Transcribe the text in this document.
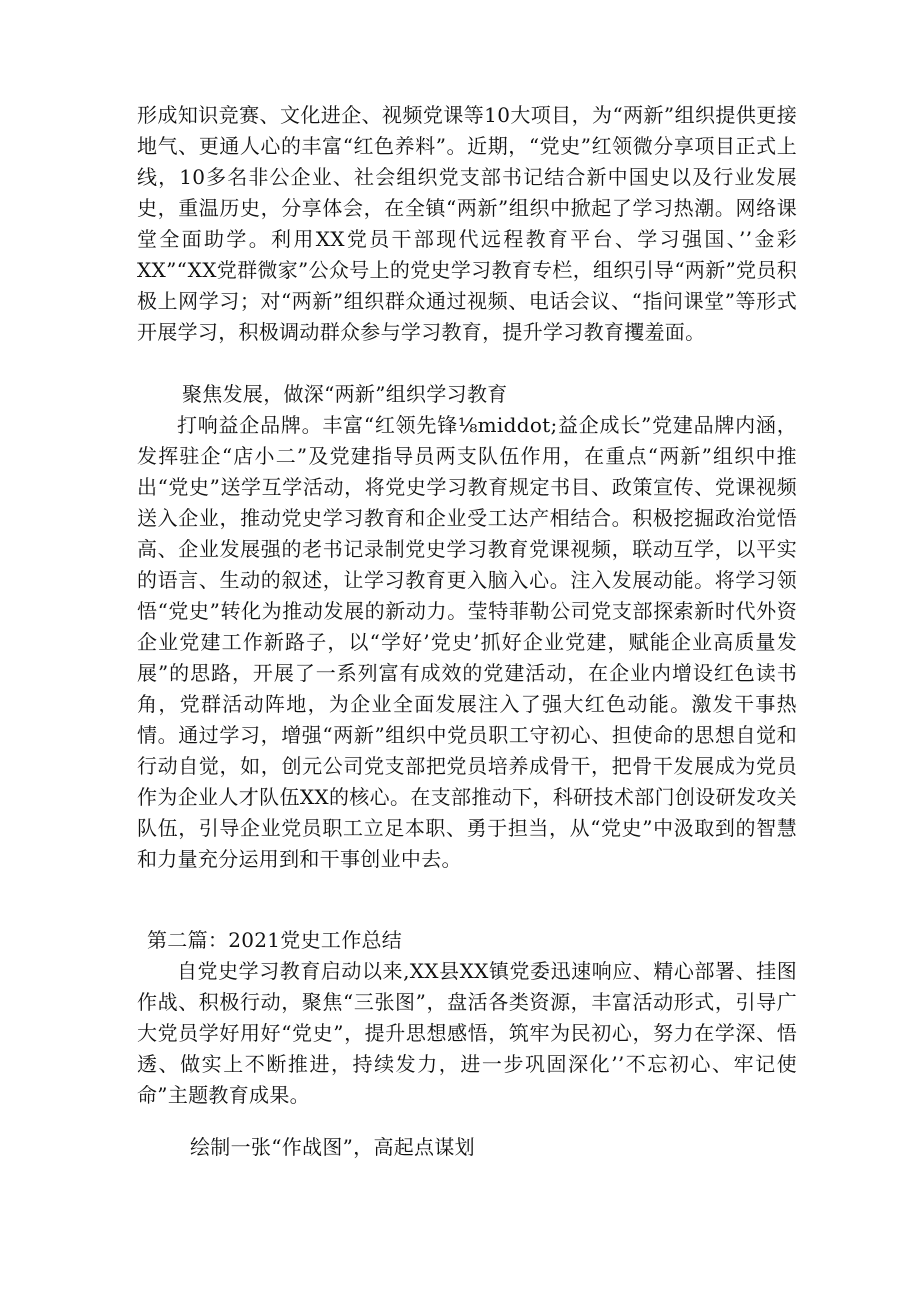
形成知识竞赛、文化进企、视频党课等10大项目，为“两新”组织提供更接地气、更通人心的丰富“红色养料”。近期，“党史”红领微分享项目正式上线，10多名非公企业、社会组织党支部书记结合新中国史以及行业发展史，重温历史，分享体会，在全镇“两新”组织中掀起了学习热潮。网络课堂全面助学。利用XX党员干部现代远程教育平台、学习强国、’’金彩XX”“XX党群微家”公众号上的党史学习教育专栏，组织引导“两新”党员积极上网学习；对“两新”组织群众通过视频、电话会议、“指问课堂”等形式开展学习，积极调动群众参与学习教育，提升学习教育攫羞面。

聚焦发展，做深“两新”组织学习教育

打响益企品牌。丰富“红领先锋⅛middot;益企成长”党建品牌内涵，发挥驻企“店小二”及党建指导员两支队伍作用，在重点“两新”组织中推出“党史”送学互学活动，将党史学习教育规定书目、政策宣传、党课视频送入企业，推动党史学习教育和企业受工达产相结合。积极挖掘政治觉悟高、企业发展强的老书记录制党史学习教育党课视频，联动互学，以平实的语言、生动的叙述，让学习教育更入脑入心。注入发展动能。将学习领悟“党史”转化为推动发展的新动力。莹特菲勒公司党支部探索新时代外资企业党建工作新路子，以“学好’党史’抓好企业党建，赋能企业高质量发展”的思路，开展了一系列富有成效的党建活动，在企业内增设红色读书角，党群活动阵地，为企业全面发展注入了强大红色动能。激发干事热情。通过学习，增强“两新”组织中党员职工守初心、担使命的思想自觉和行动自觉，如，创元公司党支部把党员培养成骨干，把骨干发展成为党员作为企业人才队伍XX的核心。在支部推动下，科研技术部门创设研发攻关队伍，引导企业党员职工立足本职、勇于担当，从“党史”中汲取到的智慧和力量充分运用到和干事创业中去。

第二篇：2021党史工作总结

自党史学习教育启动以来,XX县XX镇党委迅速响应、精心部署、挂图作战、积极行动，聚焦“三张图”，盘活各类资源，丰富活动形式，引导广大党员学好用好“党史”，提升思想感悟，筑牢为民初心，努力在学深、悟透、做实上不断推进，持续发力，进一步巩固深化’’不忘初心、牢记使命”主题教育成果。

绘制一张“作战图”，高起点谋划
